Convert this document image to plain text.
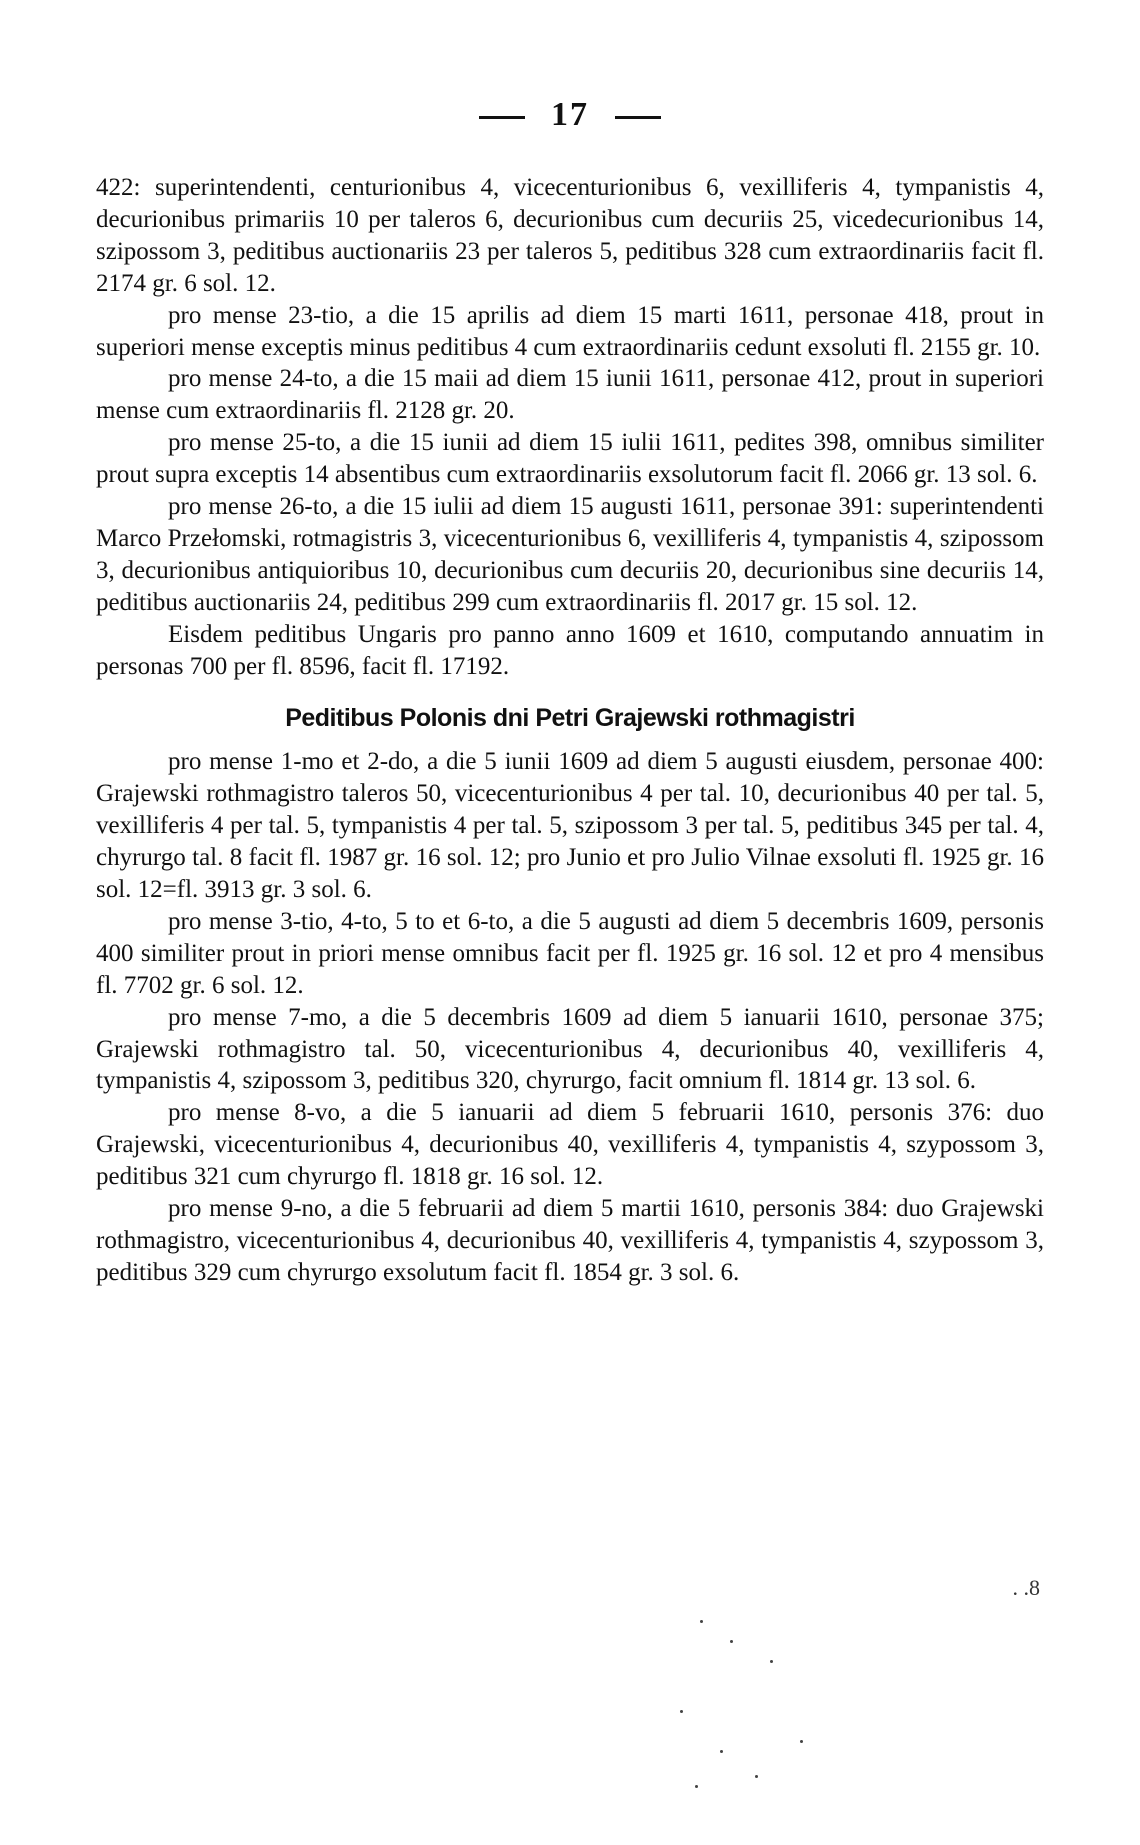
17

422: superintendenti, centurionibus 4, vicecenturionibus 6, vexilliferis 4, tympanistis 4, decurionibus primariis 10 per taleros 6, decurionibus cum decuriis 25, vicedecurionibus 14, szipossom 3, peditibus auctionariis 23 per taleros 5, peditibus 328 cum extraordinariis facit fl. 2174 gr. 6 sol. 12.

pro mense 23-tio, a die 15 aprilis ad diem 15 marti 1611, personae 418, prout in superiori mense exceptis minus peditibus 4 cum extraordinariis cedunt exsoluti fl. 2155 gr. 10.

pro mense 24-to, a die 15 maii ad diem 15 iunii 1611, personae 412, prout in superiori mense cum extraordinariis fl. 2128 gr. 20.

pro mense 25-to, a die 15 iunii ad diem 15 iulii 1611, pedites 398, omnibus similiter prout supra exceptis 14 absentibus cum extraordinariis exsolutorum facit fl. 2066 gr. 13 sol. 6.

pro mense 26-to, a die 15 iulii ad diem 15 augusti 1611, personae 391: superintendenti Marco Przełomski, rotmagistris 3, vicecenturionibus 6, vexilliferis 4, tympanistis 4, szipossom 3, decurionibus antiquioribus 10, decurionibus cum decuriis 20, decurionibus sine decuriis 14, peditibus auctionariis 24, peditibus 299 cum extraordinariis fl. 2017 gr. 15 sol. 12.

Eisdem peditibus Ungaris pro panno anno 1609 et 1610, computando annuatim in personas 700 per fl. 8596, facit fl. 17192.

Peditibus Polonis dni Petri Grajewski rothmagistri

pro mense 1-mo et 2-do, a die 5 iunii 1609 ad diem 5 augusti eiusdem, personae 400: Grajewski rothmagistro taleros 50, vicecenturionibus 4 per tal. 10, decurionibus 40 per tal. 5, vexilliferis 4 per tal. 5, tympanistis 4 per tal. 5, szipossom 3 per tal. 5, peditibus 345 per tal. 4, chyrurgo tal. 8 facit fl. 1987 gr. 16 sol. 12; pro Junio et pro Julio Vilnae exsoluti fl. 1925 gr. 16 sol. 12=fl. 3913 gr. 3 sol. 6.

pro mense 3-tio, 4-to, 5 to et 6-to, a die 5 augusti ad diem 5 decembris 1609, personis 400 similiter prout in priori mense omnibus facit per fl. 1925 gr. 16 sol. 12 et pro 4 mensibus fl. 7702 gr. 6 sol. 12.

pro mense 7-mo, a die 5 decembris 1609 ad diem 5 ianuarii 1610, personae 375; Grajewski rothmagistro tal. 50, vicecenturionibus 4, decurionibus 40, vexilliferis 4, tympanistis 4, szipossom 3, peditibus 320, chyrurgo, facit omnium fl. 1814 gr. 13 sol. 6.

pro mense 8-vo, a die 5 ianuarii ad diem 5 februarii 1610, personis 376: duo Grajewski, vicecenturionibus 4, decurionibus 40, vexilliferis 4, tympanistis 4, szypossom 3, peditibus 321 cum chyrurgo fl. 1818 gr. 16 sol. 12.

pro mense 9-no, a die 5 februarii ad diem 5 martii 1610, personis 384: duo Grajewski rothmagistro, vicecenturionibus 4, decurionibus 40, vexilliferis 4, tympanistis 4, szypossom 3, peditibus 329 cum chyrurgo exsolutum facit fl. 1854 gr. 3 sol. 6.

. .8
